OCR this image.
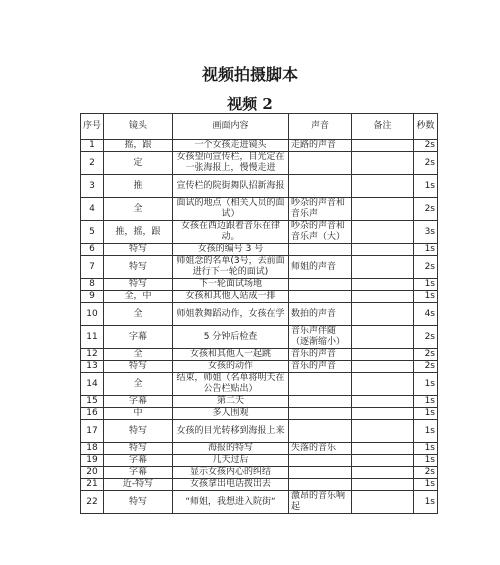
视频拍摄脚本
视频 2
序号	镜头	画面内容	声音	备注	秒数
1	摇，跟	一个女孩走进镜头	走路的声音		2s
2	定	女孩望向宣传栏，目光定在一张海报上，慢慢走进			2s
3	推	宣传栏的院街舞队招新海报			1s
4	全	面试的地点（相关人员的面试）	吵杂的声音和音乐声		2s
5	推，摇，跟	女孩在西边跟着音乐在律动。	吵杂的声音和音乐声（大）		3s
6	特写	女孩的编号 3 号			1s
7	特写	师姐念的名单(3号，去前面进行下一轮的面试)	师姐的声音		2s
8	特写	下一轮面试场地			1s
9	全，中	女孩和其他人站成一排			1s
10	全	师姐教舞蹈动作，女孩在学	数拍的声音		4s
11	字幕	5 分钟后检查	音乐声伴随（逐渐缩小）		2s
12	全	女孩和其他人一起跳	音乐的声音		2s
13	特写	女孩的动作	音乐的声音		2s
14	全	结束，师姐（名单将明天在公告栏贴出）			1s
15	字幕	第二天			1s
16	中	多人围观			1s
17	特写	女孩的目光转移到海报上来			1s
18	特写	海报的特写	失落的音乐		1s
19	字幕	几天过后			1s
20	字幕	显示女孩内心的纠结			2s
21	近-特写	女孩拿出电话拨出去			1s
22	特写	“师姐，我想进入院街“	激昂的音乐响起		1s
